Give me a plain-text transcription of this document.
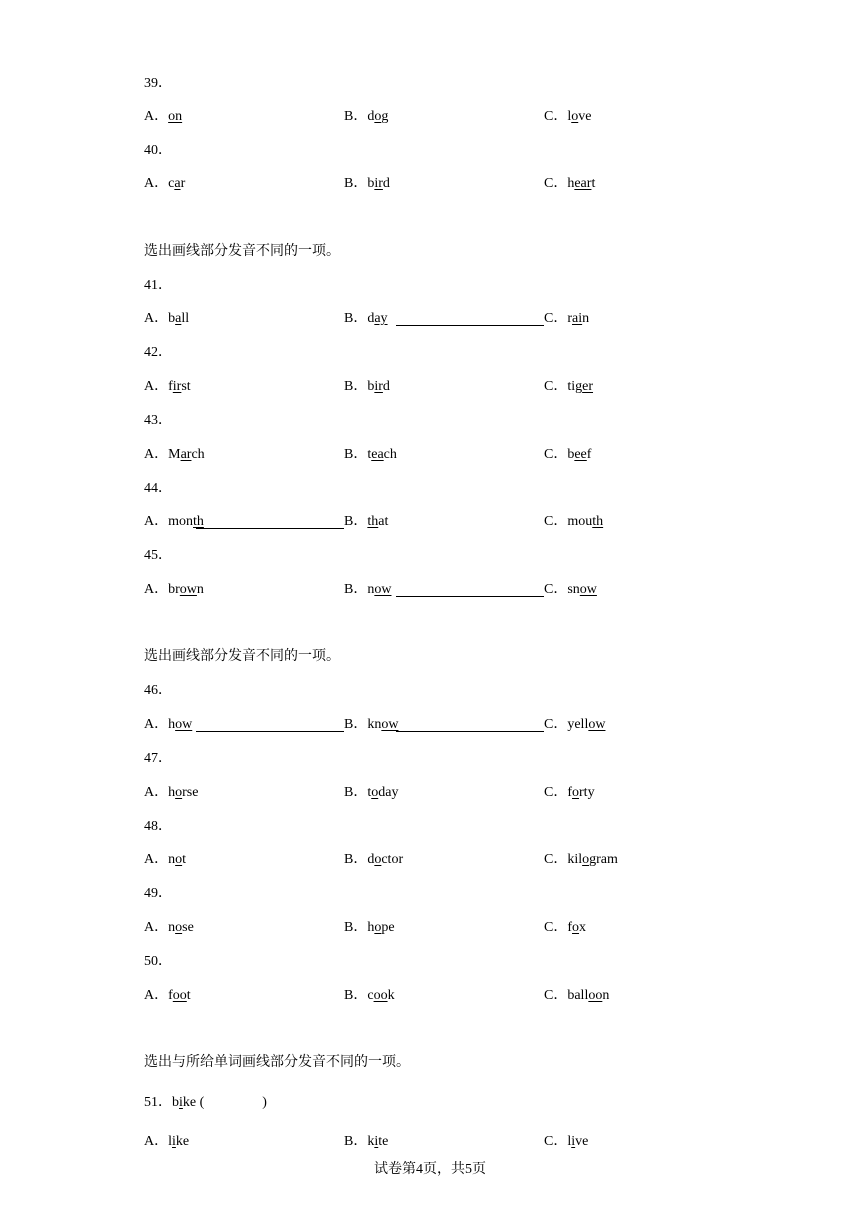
39．
A．on	B．dog	C．love
40．
A．car	B．bird	C．heart
选出画线部分发音不同的一项。
41．
A．ball	B．day	C．rain
42．
A．first	B．bird	C．tiger
43．
A．March	B．teach	C．beef
44．
A．month	B．that	C．mouth
45．
A．brown	B．now	C．snow
选出画线部分发音不同的一项。
46．
A．how	B．know	C．yellow
47．
A．horse	B．today	C．forty
48．
A．not	B．doctor	C．kilogram
49．
A．nose	B．hope	C．fox
50．
A．foot	B．cook	C．balloon
选出与所给单词画线部分发音不同的一项。
51．bike (	)
A．like	B．kite	C．live
试卷第4页，共5页
